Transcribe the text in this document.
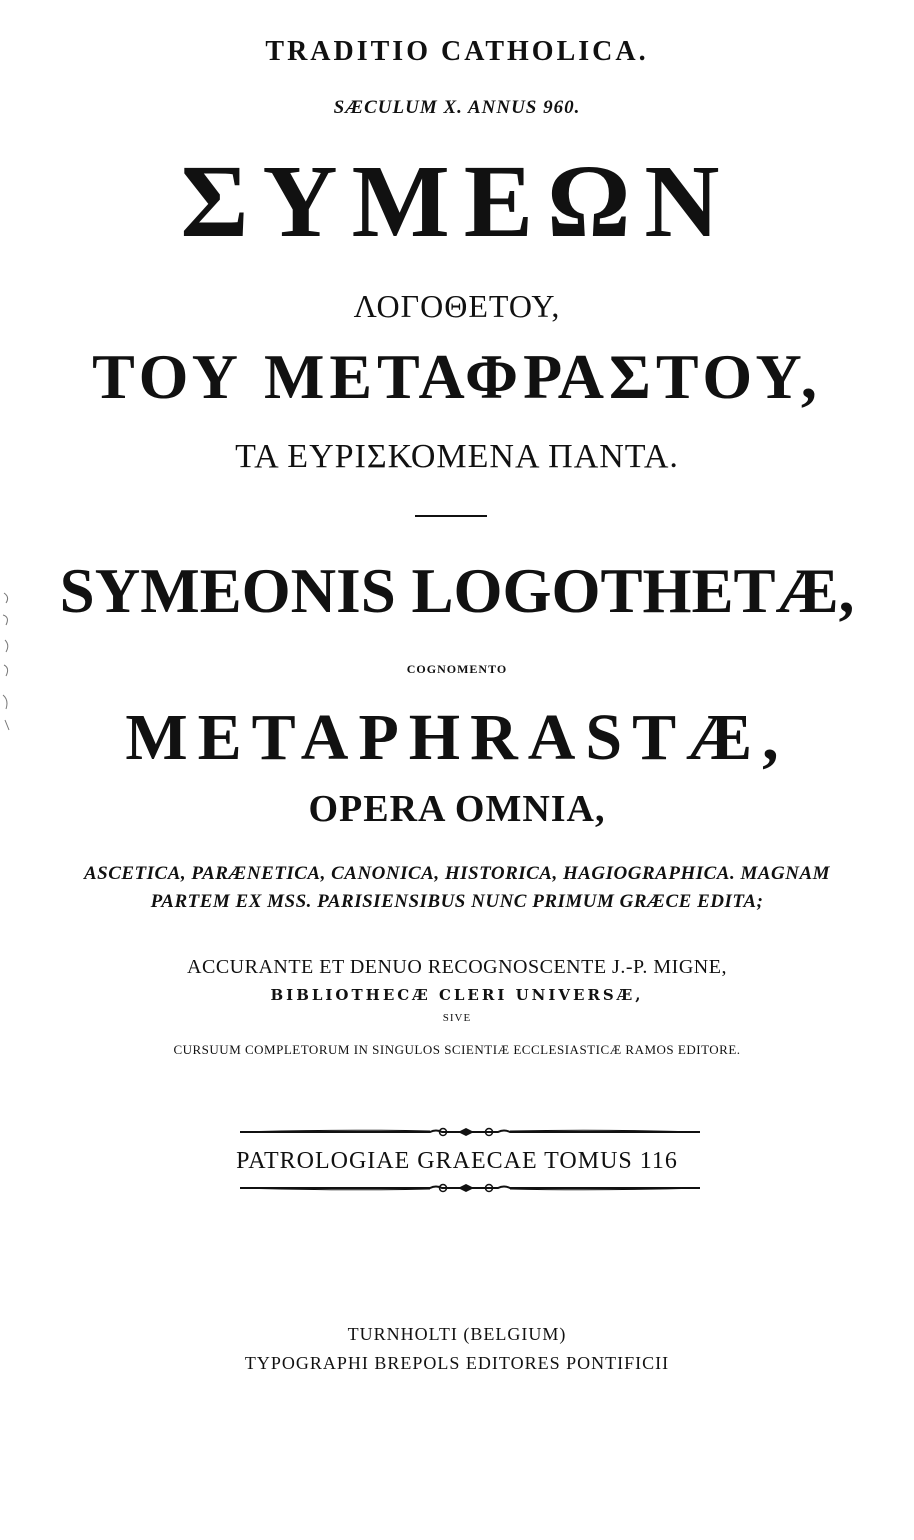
TRADITIO CATHOLICA.
SÆCULUM X. ANNUS 960.
ΣΥΜΕΩΝ
ΛΟΓΟΘΕΤΟΥ,
ΤΟΥ ΜΕΤΑΦΡΑΣΤΟΥ,
ΤΑ ΕΥΡΙΣΚΟΜΕΝΑ ΠΑΝΤΑ.
SYMEONIS LOGOTHETÆ,
COGNOMENTO
METAPHRASTÆ,
OPERA OMNIA,
ASCETICA, PARÆNETICA, CANONICA, HISTORICA, HAGIOGRAPHICA. MAGNAM
PARTEM EX MSS. PARISIENSIBUS NUNC PRIMUM GRÆCE EDITA;
ACCURANTE ET DENUO RECOGNOSCENTE J.-P. MIGNE,
BIBLIOTHECÆ CLERI UNIVERSÆ,
SIVE
CURSUUM COMPLETORUM IN SINGULOS SCIENTIÆ ECCLESIASTICÆ RAMOS EDITORE.
PATROLOGIAE GRAECAE TOMUS 116
TURNHOLTI (BELGIUM)
TYPOGRAPHI BREPOLS EDITORES PONTIFICII
